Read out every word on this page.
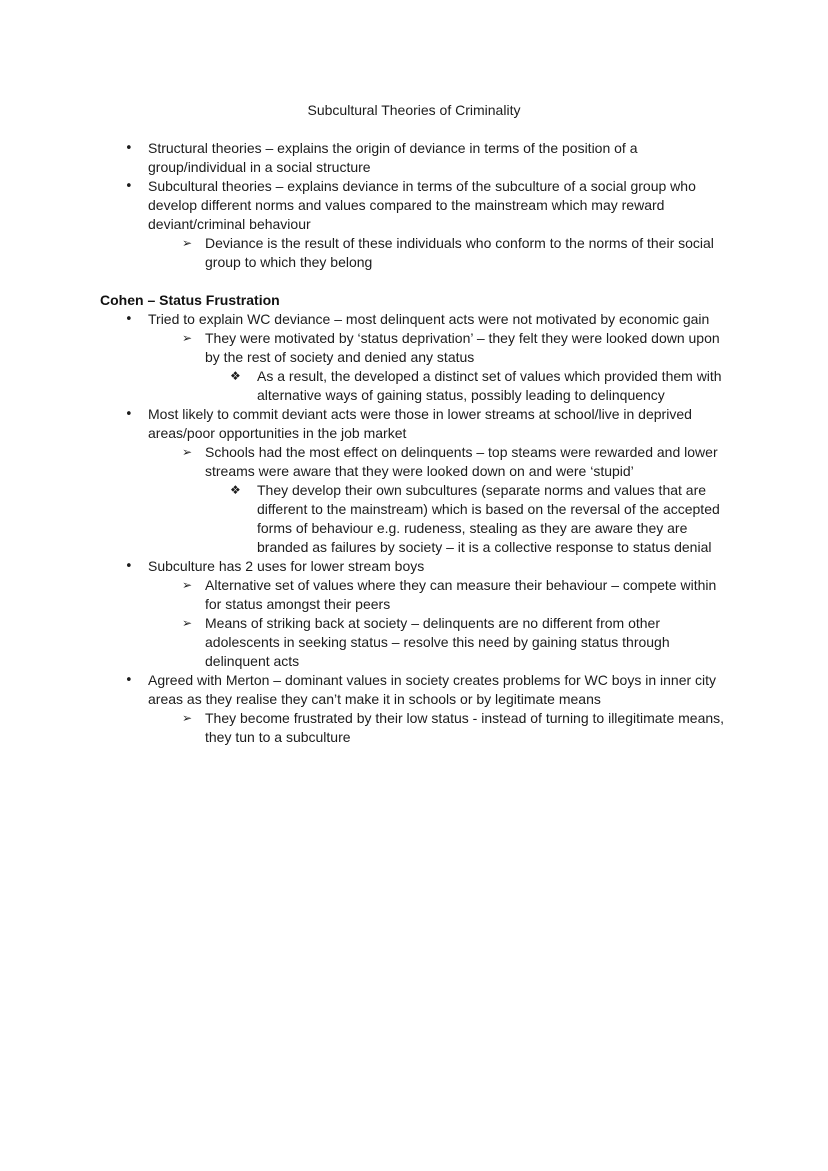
Subcultural Theories of Criminality
•	Structural theories – explains the origin of deviance in terms of the position of a group/individual in a social structure
•	Subcultural theories – explains deviance in terms of the subculture of a social group who develop different norms and values compared to the mainstream which may reward deviant/criminal behaviour
➢ Deviance is the result of these individuals who conform to the norms of their social group to which they belong
Cohen – Status Frustration
•	Tried to explain WC deviance – most delinquent acts were not motivated by economic gain
➢ They were motivated by ‘status deprivation’ – they felt they were looked down upon by the rest of society and denied any status
❖	As a result, the developed a distinct set of values which provided them with alternative ways of gaining status, possibly leading to delinquency
•	Most likely to commit deviant acts were those in lower streams at school/live in deprived areas/poor opportunities in the job market
➢ Schools had the most effect on delinquents – top steams were rewarded and lower streams were aware that they were looked down on and were ‘stupid’
❖	They develop their own subcultures (separate norms and values that are different to the mainstream) which is based on the reversal of the accepted forms of behaviour e.g. rudeness, stealing as they are aware they are branded as failures by society – it is a collective response to status denial
•	Subculture has 2 uses for lower stream boys
➢ Alternative set of values where they can measure their behaviour – compete within for status amongst their peers
➢ Means of striking back at society – delinquents are no different from other adolescents in seeking status – resolve this need by gaining status through delinquent acts
•	Agreed with Merton – dominant values in society creates problems for WC boys in inner city areas as they realise they can’t make it in schools or by legitimate means
➢ They become frustrated by their low status - instead of turning to illegitimate means, they tun to a subculture
